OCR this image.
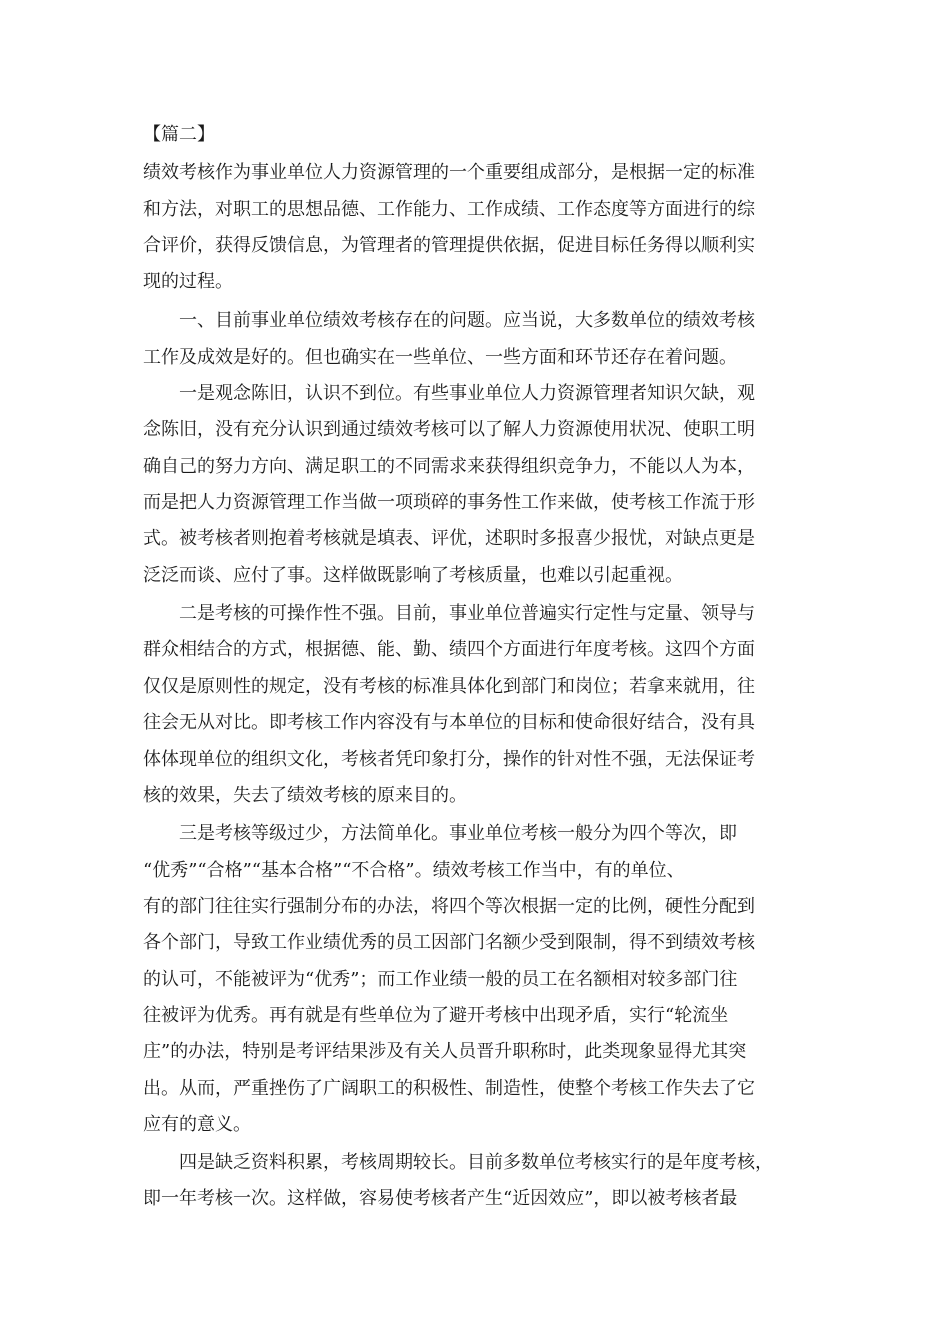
【篇二】
绩效考核作为事业单位人力资源管理的一个重要组成部分，是根据一定的标准
和方法，对职工的思想品德、工作能力、工作成绩、工作态度等方面进行的综
合评价，获得反馈信息，为管理者的管理提供依据，促进目标任务得以顺利实
现的过程。
　　一、目前事业单位绩效考核存在的问题。应当说，大多数单位的绩效考核
工作及成效是好的。但也确实在一些单位、一些方面和环节还存在着问题。
　　一是观念陈旧，认识不到位。有些事业单位人力资源管理者知识欠缺，观
念陈旧，没有充分认识到通过绩效考核可以了解人力资源使用状况、使职工明
确自己的努力方向、满足职工的不同需求来获得组织竞争力，不能以人为本，
而是把人力资源管理工作当做一项琐碎的事务性工作来做，使考核工作流于形
式。被考核者则抱着考核就是填表、评优，述职时多报喜少报忧，对缺点更是
泛泛而谈、应付了事。这样做既影响了考核质量，也难以引起重视。
　　二是考核的可操作性不强。目前，事业单位普遍实行定性与定量、领导与
群众相结合的方式，根据德、能、勤、绩四个方面进行年度考核。这四个方面
仅仅是原则性的规定，没有考核的标准具体化到部门和岗位；若拿来就用，往
往会无从对比。即考核工作内容没有与本单位的目标和使命很好结合，没有具
体体现单位的组织文化，考核者凭印象打分，操作的针对性不强，无法保证考
核的效果，失去了绩效考核的原来目的。
　　三是考核等级过少，方法简单化。事业单位考核一般分为四个等次，即
“优秀”“合格”“基本合格”“不合格”。绩效考核工作当中，有的单位、
有的部门往往实行强制分布的办法，将四个等次根据一定的比例，硬性分配到
各个部门，导致工作业绩优秀的员工因部门名额少受到限制，得不到绩效考核
的认可，不能被评为“优秀”；而工作业绩一般的员工在名额相对较多部门往
往被评为优秀。再有就是有些单位为了避开考核中出现矛盾，实行“轮流坐
庄”的办法，特别是考评结果涉及有关人员晋升职称时，此类现象显得尤其突
出。从而，严重挫伤了广阔职工的积极性、制造性，使整个考核工作失去了它
应有的意义。
　　四是缺乏资料积累，考核周期较长。目前多数单位考核实行的是年度考核，
即一年考核一次。这样做，容易使考核者产生“近因效应”，即以被考核者最
